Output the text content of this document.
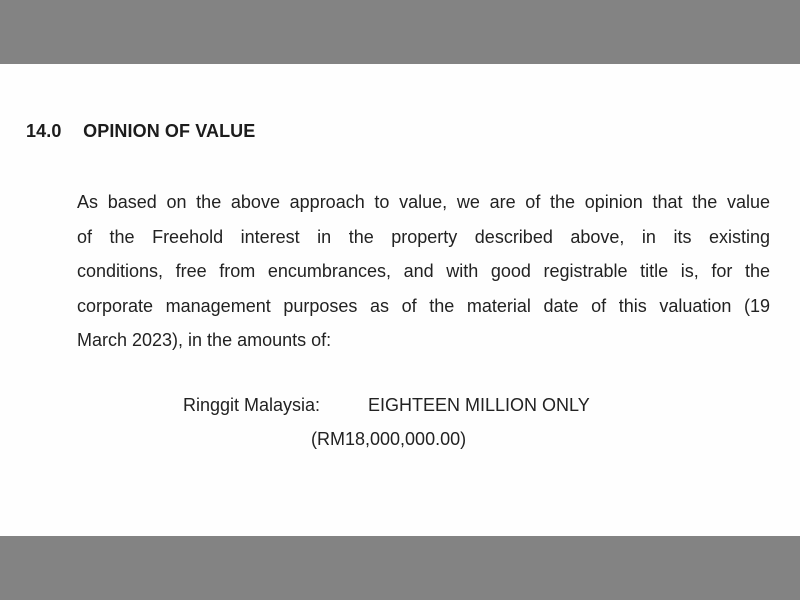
14.0 OPINION OF VALUE
As based on the above approach to value, we are of the opinion that the value
of the Freehold interest in the property described above, in its existing
conditions, free from encumbrances, and with good registrable title is, for the
corporate management purposes as of the material date of this valuation (19
March 2023), in the amounts of:
Ringgit Malaysia:	EIGHTEEN MILLION ONLY
(RM18,000,000.00)
